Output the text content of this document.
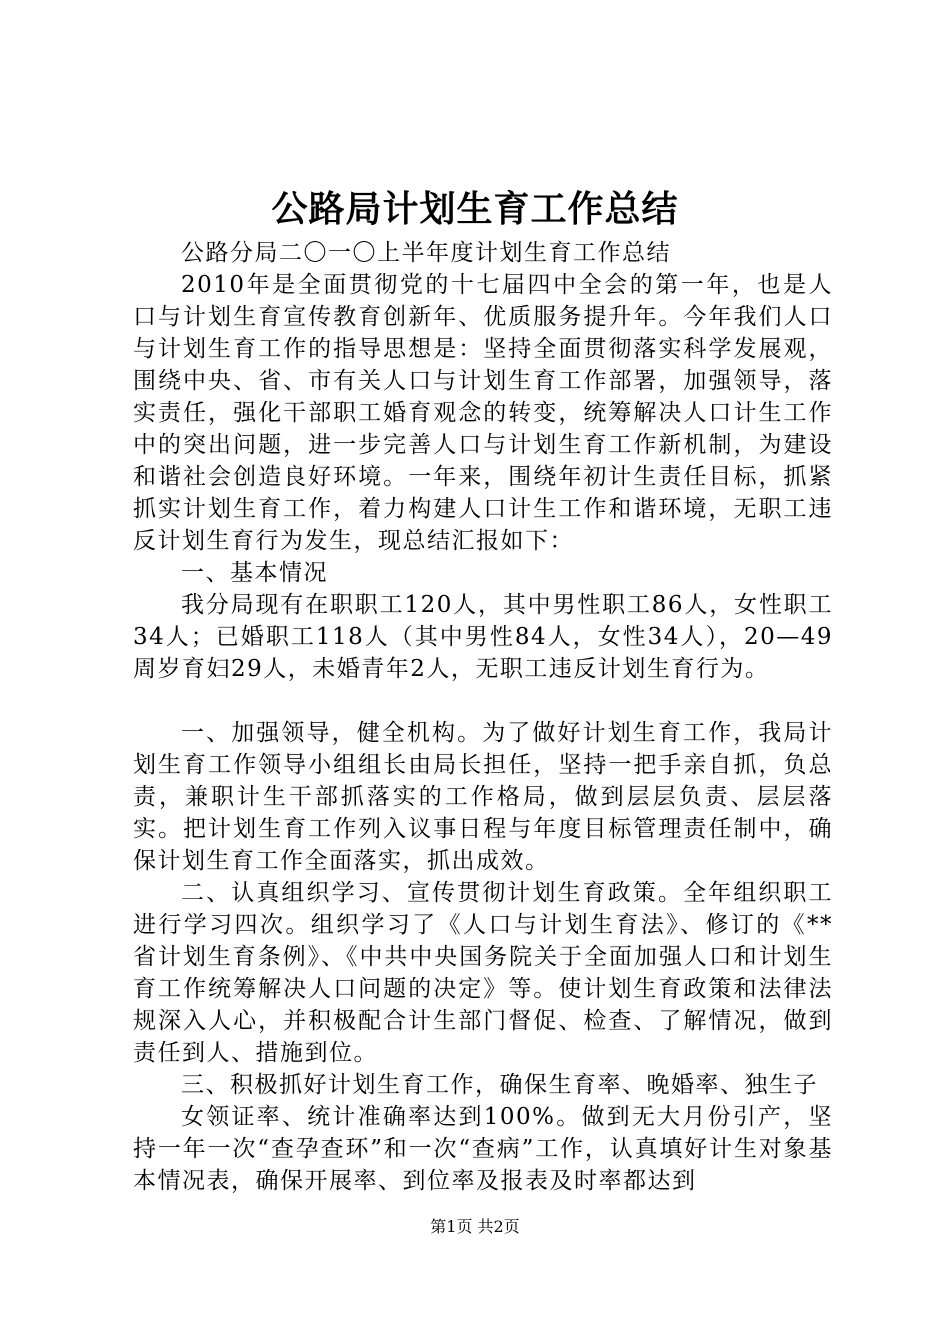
公路局计划生育工作总结

公路分局二〇一〇上半年度计划生育工作总结

2010年是全面贯彻党的十七届四中全会的第一年，也是人口与计划生育宣传教育创新年、优质服务提升年。今年我们人口与计划生育工作的指导思想是：坚持全面贯彻落实科学发展观，围绕中央、省、市有关人口与计划生育工作部署，加强领导，落实责任，强化干部职工婚育观念的转变，统筹解决人口计生工作中的突出问题，进一步完善人口与计划生育工作新机制，为建设和谐社会创造良好环境。一年来，围绕年初计生责任目标，抓紧抓实计划生育工作，着力构建人口计生工作和谐环境，无职工违反计划生育行为发生，现总结汇报如下：

一、基本情况

我分局现有在职职工120人，其中男性职工86人，女性职工34人；已婚职工118人（其中男性84人，女性34人），20—49周岁育妇29人，未婚青年2人，无职工违反计划生育行为。

一、加强领导，健全机构。为了做好计划生育工作，我局计划生育工作领导小组组长由局长担任，坚持一把手亲自抓，负总责，兼职计生干部抓落实的工作格局，做到层层负责、层层落实。把计划生育工作列入议事日程与年度目标管理责任制中，确保计划生育工作全面落实，抓出成效。

二、认真组织学习、宣传贯彻计划生育政策。全年组织职工进行学习四次。组织学习了《人口与计划生育法》、修订的《**省计划生育条例》、《中共中央国务院关于全面加强人口和计划生育工作统筹解决人口问题的决定》等。使计划生育政策和法律法规深入人心，并积极配合计生部门督促、检查、了解情况，做到责任到人、措施到位。

三、积极抓好计划生育工作，确保生育率、晚婚率、独生子

女领证率、统计准确率达到100%。做到无大月份引产，坚持一年一次“查孕查环”和一次“查病”工作，认真填好计生对象基本情况表，确保开展率、到位率及报表及时率都达到

第1页 共2页
